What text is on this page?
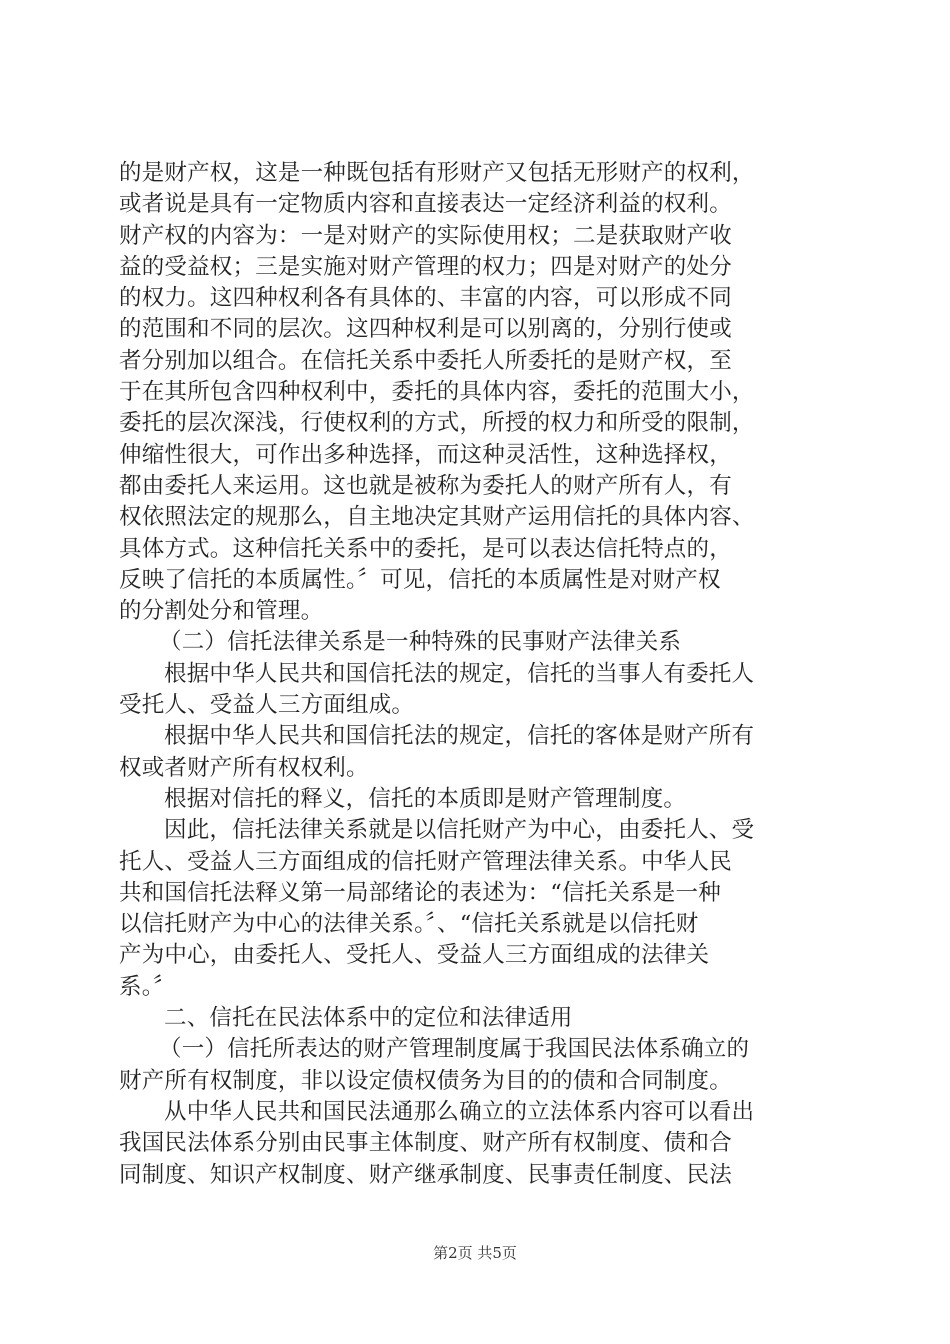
的是财产权，这是一种既包括有形财产又包括无形财产的权利，
或者说是具有一定物质内容和直接表达一定经济利益的权利。
财产权的内容为：一是对财产的实际使用权；二是获取财产收
益的受益权；三是实施对财产管理的权力；四是对财产的处分
的权力。这四种权利各有具体的、丰富的内容，可以形成不同
的范围和不同的层次。这四种权利是可以别离的，分别行使或
者分别加以组合。在信托关系中委托人所委托的是财产权，至
于在其所包含四种权利中，委托的具体内容，委托的范围大小，
委托的层次深浅，行使权利的方式，所授的权力和所受的限制，
伸缩性很大，可作出多种选择，而这种灵活性，这种选择权，
都由委托人来运用。这也就是被称为委托人的财产所有人，有
权依照法定的规那么，自主地决定其财产运用信托的具体内容、
具体方式。这种信托关系中的委托，是可以表达信托特点的，
反映了信托的本质属性。〞可见，信托的本质属性是对财产权
的分割处分和管理。
（二）信托法律关系是一种特殊的民事财产法律关系
根据中华人民共和国信托法的规定，信托的当事人有委托人
受托人、受益人三方面组成。
根据中华人民共和国信托法的规定，信托的客体是财产所有
权或者财产所有权权利。
根据对信托的释义，信托的本质即是财产管理制度。
因此，信托法律关系就是以信托财产为中心，由委托人、受
托人、受益人三方面组成的信托财产管理法律关系。中华人民
共和国信托法释义第一局部绪论的表述为：“信托关系是一种
以信托财产为中心的法律关系。〞、“信托关系就是以信托财
产为中心，由委托人、受托人、受益人三方面组成的法律关
系。〞
二、信托在民法体系中的定位和法律适用
（一）信托所表达的财产管理制度属于我国民法体系确立的
财产所有权制度，非以设定债权债务为目的的债和合同制度。
从中华人民共和国民法通那么确立的立法体系内容可以看出
我国民法体系分别由民事主体制度、财产所有权制度、债和合
同制度、知识产权制度、财产继承制度、民事责任制度、民法
第2页 共5页
